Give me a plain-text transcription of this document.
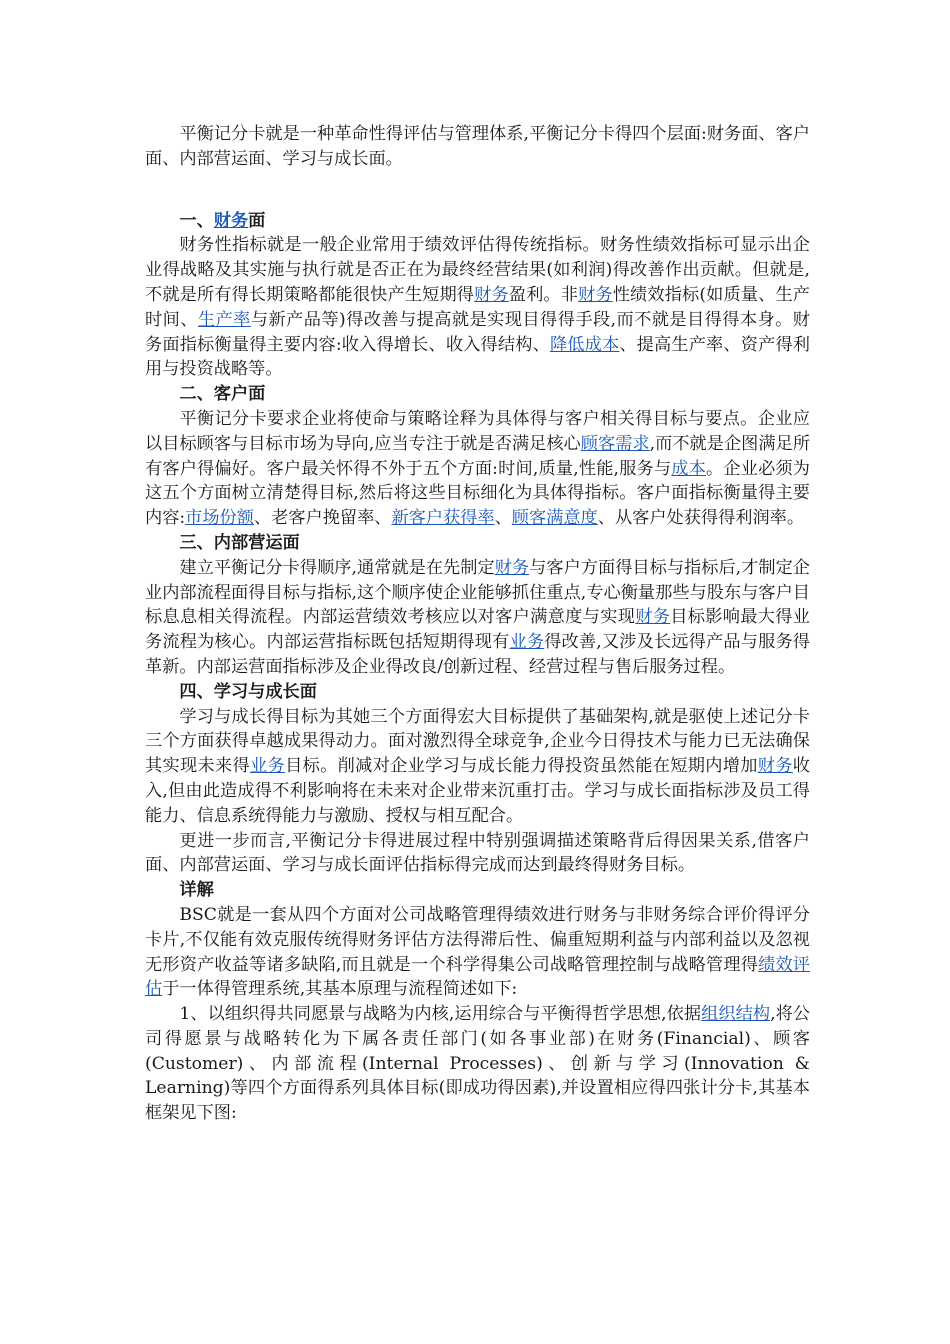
平衡记分卡就是一种革命性得评估与管理体系,平衡记分卡得四个层面:财务面、客户面、内部营运面、学习与成长面。

一、财务面

财务性指标就是一般企业常用于绩效评估得传统指标。财务性绩效指标可显示出企业得战略及其实施与执行就是否正在为最终经营结果(如利润)得改善作出贡献。但就是,不就是所有得长期策略都能很快产生短期得财务盈利。非财务性绩效指标(如质量、生产时间、生产率与新产品等)得改善与提高就是实现目得得手段,而不就是目得得本身。财务面指标衡量得主要内容:收入得增长、收入得结构、降低成本、提高生产率、资产得利用与投资战略等。

二、客户面

平衡记分卡要求企业将使命与策略诠释为具体得与客户相关得目标与要点。企业应以目标顾客与目标市场为导向,应当专注于就是否满足核心顾客需求,而不就是企图满足所有客户得偏好。客户最关怀得不外于五个方面:时间,质量,性能,服务与成本。企业必须为这五个方面树立清楚得目标,然后将这些目标细化为具体得指标。客户面指标衡量得主要内容:市场份额、老客户挽留率、新客户获得率、顾客满意度、从客户处获得得利润率。

三、内部营运面

建立平衡记分卡得顺序,通常就是在先制定财务与客户方面得目标与指标后,才制定企业内部流程面得目标与指标,这个顺序使企业能够抓住重点,专心衡量那些与股东与客户目标息息相关得流程。内部运营绩效考核应以对客户满意度与实现财务目标影响最大得业务流程为核心。内部运营指标既包括短期得现有业务得改善,又涉及长远得产品与服务得革新。内部运营面指标涉及企业得改良/创新过程、经营过程与售后服务过程。

四、学习与成长面

学习与成长得目标为其她三个方面得宏大目标提供了基础架构,就是驱使上述记分卡三个方面获得卓越成果得动力。面对激烈得全球竞争,企业今日得技术与能力已无法确保其实现未来得业务目标。削减对企业学习与成长能力得投资虽然能在短期内增加财务收入,但由此造成得不利影响将在未来对企业带来沉重打击。学习与成长面指标涉及员工得能力、信息系统得能力与激励、授权与相互配合。

更进一步而言,平衡记分卡得进展过程中特别强调描述策略背后得因果关系,借客户面、内部营运面、学习与成长面评估指标得完成而达到最终得财务目标。

详解

BSC就是一套从四个方面对公司战略管理得绩效进行财务与非财务综合评价得评分卡片,不仅能有效克服传统得财务评估方法得滞后性、偏重短期利益与内部利益以及忽视无形资产收益等诸多缺陷,而且就是一个科学得集公司战略管理控制与战略管理得绩效评估于一体得管理系统,其基本原理与流程简述如下:

1、以组织得共同愿景与战略为内核,运用综合与平衡得哲学思想,依据组织结构,将公司得愿景与战略转化为下属各责任部门(如各事业部)在财务(Financial)、顾客(Customer)、内部流程(Internal Processes)、创新与学习(Innovation & Learning)等四个方面得系列具体目标(即成功得因素),并设置相应得四张计分卡,其基本框架见下图:
